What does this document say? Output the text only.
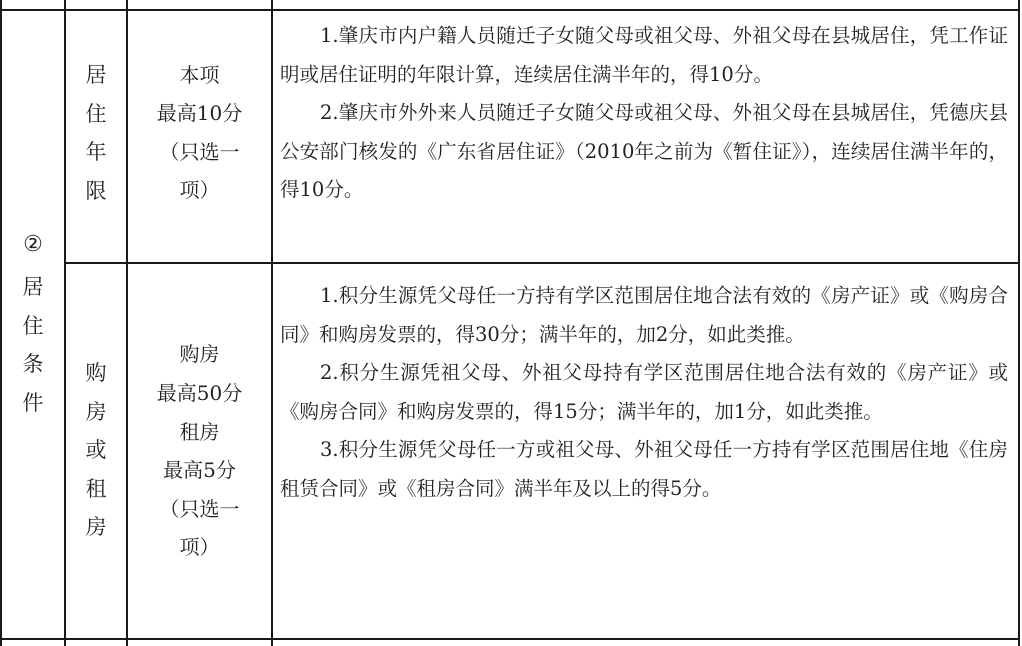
②
居
住
条
件
居
住
年
限
本项
最高10分
（只选一
项）
1.肇庆市内户籍人员随迁子女随父母或祖父母、外祖父母在县城居住，凭工作证明或居住证明的年限计算，连续居住满半年的，得10分。
2.肇庆市外外来人员随迁子女随父母或祖父母、外祖父母在县城居住，凭德庆县公安部门核发的《广东省居住证》（2010年之前为《暂住证》），连续居住满半年的，得10分。
购
房
或
租
房
购房
最高50分
租房
最高5分
（只选一
项）
1.积分生源凭父母任一方持有学区范围居住地合法有效的《房产证》或《购房合同》和购房发票的，得30分；满半年的，加2分，如此类推。
2.积分生源凭祖父母、外祖父母持有学区范围居住地合法有效的《房产证》或《购房合同》和购房发票的，得15分；满半年的，加1分，如此类推。
3.积分生源凭父母任一方或祖父母、外祖父母任一方持有学区范围居住地《住房租赁合同》或《租房合同》满半年及以上的得5分。
